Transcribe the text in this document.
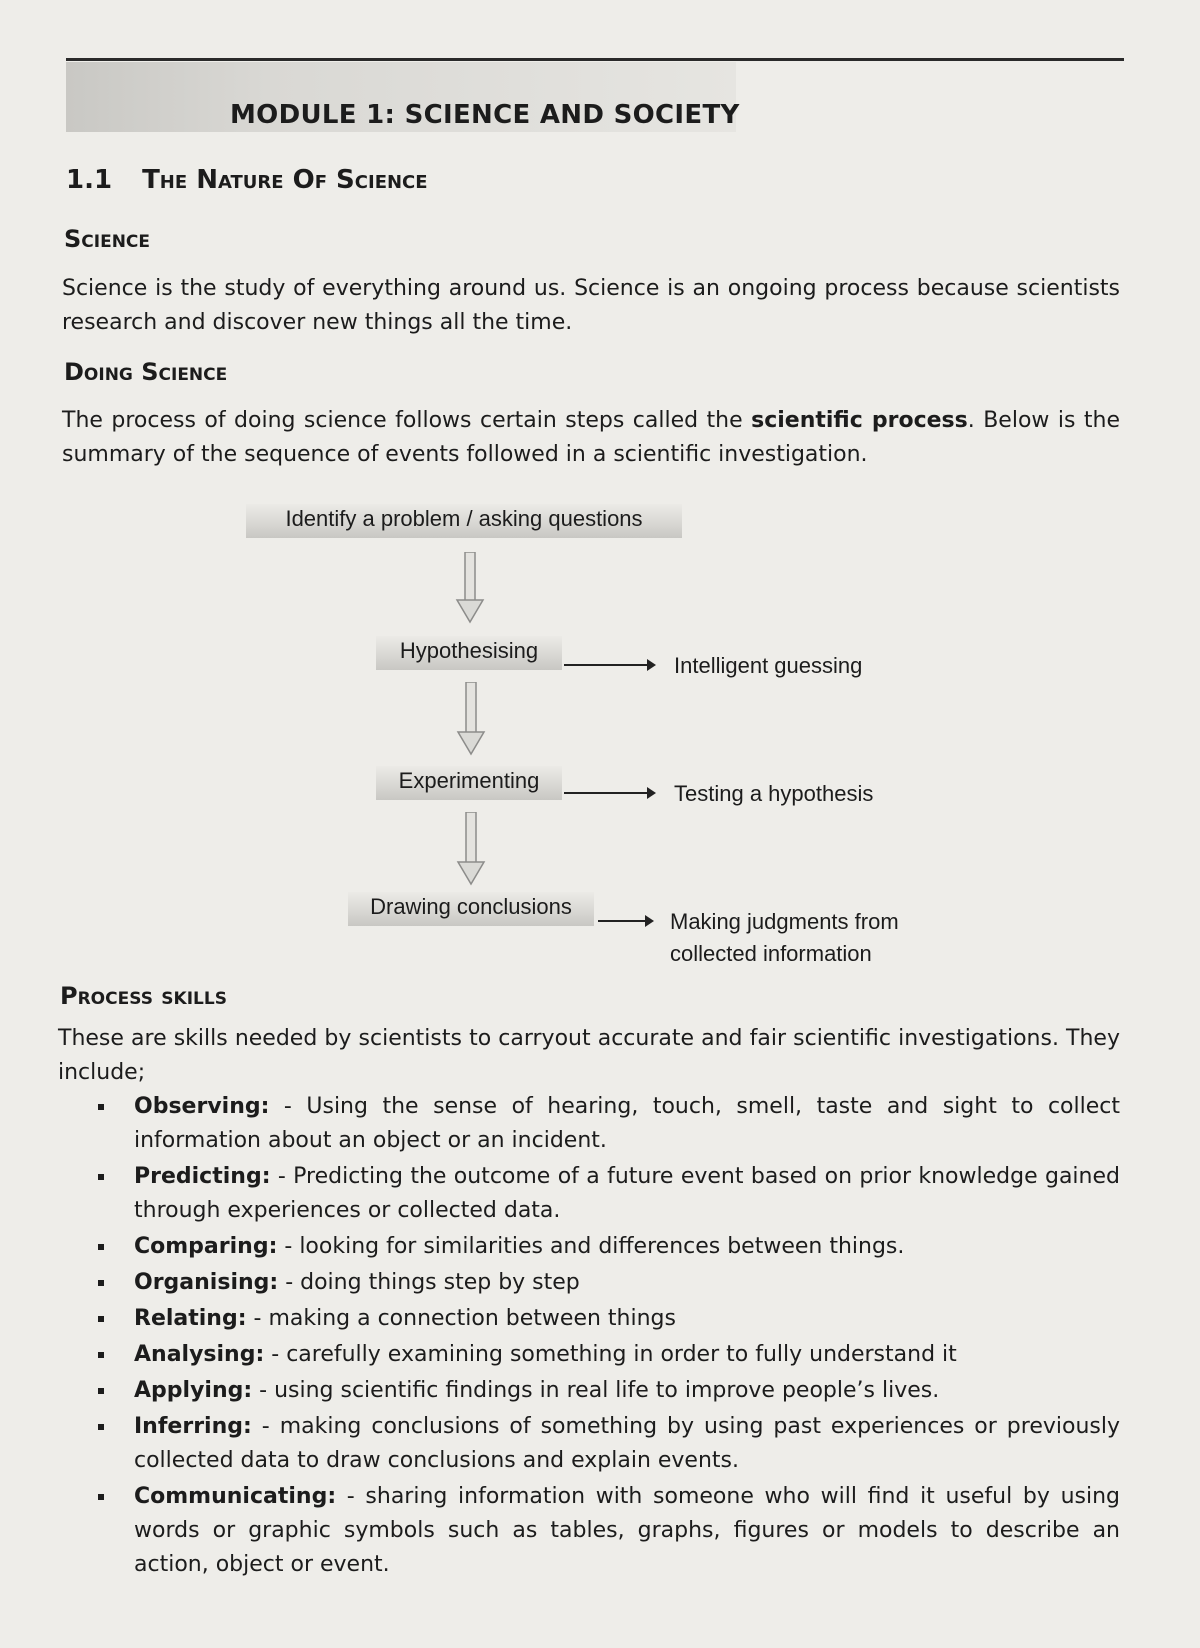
MODULE 1: SCIENCE AND SOCIETY
1.1 The Nature Of Science
Science
Science is the study of everything around us. Science is an ongoing process because scientists research and discover new things all the time.
Doing Science
The process of doing science follows certain steps called the scientific process. Below is the summary of the sequence of events followed in a scientific investigation.
Identify a problem / asking questions
Hypothesising
Intelligent guessing
Experimenting
Testing a hypothesis
Drawing conclusions
Making judgments from collected information
Process skills
These are skills needed by scientists to carryout accurate and fair scientific investigations. They include;
Observing: - Using the sense of hearing, touch, smell, taste and sight to collect information about an object or an incident.
Predicting: - Predicting the outcome of a future event based on prior knowledge gained through experiences or collected data.
Comparing: - looking for similarities and differences between things.
Organising: - doing things step by step
Relating: - making a connection between things
Analysing: - carefully examining something in order to fully understand it
Applying: - using scientific findings in real life to improve people’s lives.
Inferring: - making conclusions of something by using past experiences or previously collected data to draw conclusions and explain events.
Communicating: - sharing information with someone who will find it useful by using words or graphic symbols such as tables, graphs, figures or models to describe an action, object or event.
